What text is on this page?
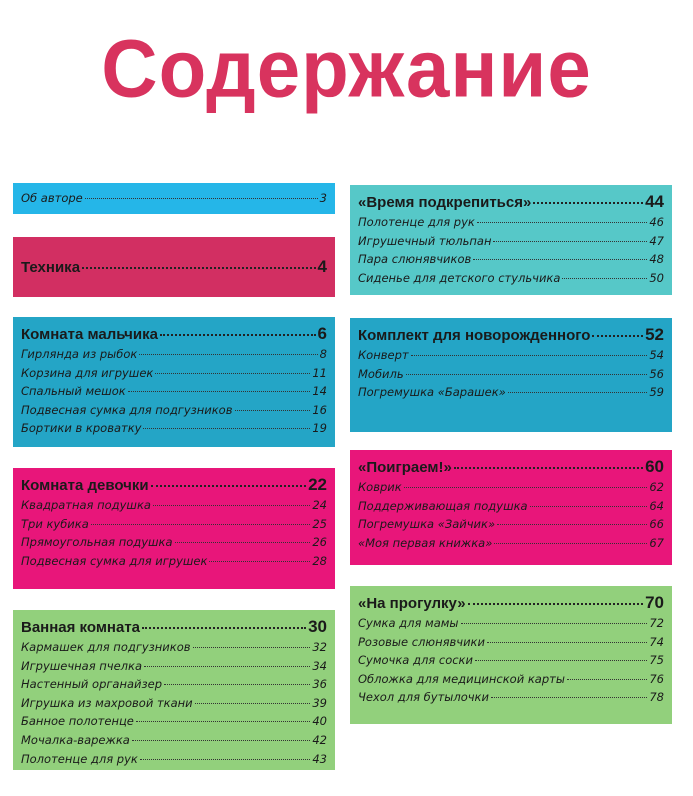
Содержание
Об авторе	3
Техника	4
Комната мальчика	6
Гирлянда из рыбок	8
Корзина для игрушек	11
Спальный мешок	14
Подвесная сумка для подгузников	16
Бортики в кроватку	19
Комната девочки	22
Квадратная подушка	24
Три кубика	25
Прямоугольная подушка	26
Подвесная сумка для игрушек	28
Ванная комната	30
Кармашек для подгузников	32
Игрушечная пчелка	34
Настенный органайзер	36
Игрушка из махровой ткани	39
Банное полотенце	40
Мочалка-варежка	42
Полотенце для рук	43
«Время подкрепиться»	44
Полотенце для рук	46
Игрушечный тюльпан	47
Пара слюнявчиков	48
Сиденье для детского стульчика	50
Комплект для новорожденного	52
Конверт	54
Мобиль	56
Погремушка «Барашек»	59
«Поиграем!»	60
Коврик	62
Поддерживающая подушка	64
Погремушка «Зайчик»	66
«Моя первая книжка»	67
«На прогулку»	70
Сумка для мамы	72
Розовые слюнявчики	74
Сумочка для соски	75
Обложка для медицинской карты	76
Чехол для бутылочки	78
